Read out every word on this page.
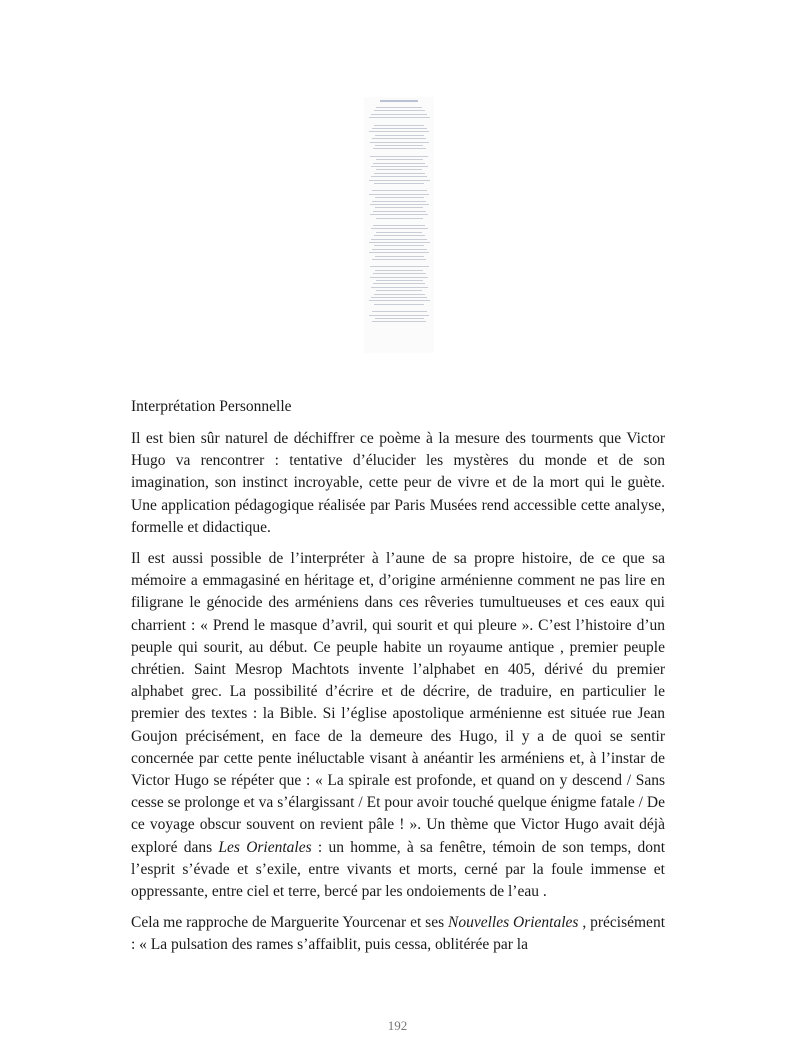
Interprétation Personnelle

Il est bien sûr naturel de déchiffrer ce poème à la mesure des tourments que Victor Hugo va rencontrer : tentative d’élucider les mystères du monde et de son imagination, son instinct incroyable, cette peur de vivre et de la mort qui le guète. Une application pédagogique réalisée par Paris Musées rend accessible cette analyse, formelle et didactique.

Il est aussi possible de l’interpréter à l’aune de sa propre histoire, de ce que sa mémoire a emmagasiné en héritage et, d’origine arménienne comment ne pas lire en filigrane le génocide des arméniens dans ces rêveries tumultueuses et ces eaux qui charrient : « Prend le masque d’avril, qui sourit et qui pleure ». C’est l’histoire d’un peuple qui sourit, au début. Ce peuple habite un royaume antique , premier peuple chrétien. Saint Mesrop Machtots invente l’alphabet en 405, dérivé du premier alphabet grec. La possibilité d’écrire et de décrire, de traduire, en particulier le premier des textes : la Bible. Si l’église apostolique arménienne est située rue Jean Goujon précisément, en face de la demeure des Hugo, il y a de quoi se sentir concernée par cette pente inéluctable visant à anéantir les arméniens et, à l’instar de Victor Hugo se répéter que : « La spirale est profonde, et quand on y descend / Sans cesse se prolonge et va s’élargissant / Et pour avoir touché quelque énigme fatale / De ce voyage obscur souvent on revient pâle ! ». Un thème que Victor Hugo avait déjà exploré dans Les Orientales : un homme, à sa fenêtre, témoin de son temps, dont l’esprit s’évade et s’exile, entre vivants et morts, cerné par la foule immense et oppressante, entre ciel et terre, bercé par les ondoiements de l’eau .

Cela me rapproche de Marguerite Yourcenar et ses Nouvelles Orientales , précisément : « La pulsation des rames s’affaiblit, puis cessa, oblitérée par la

192
